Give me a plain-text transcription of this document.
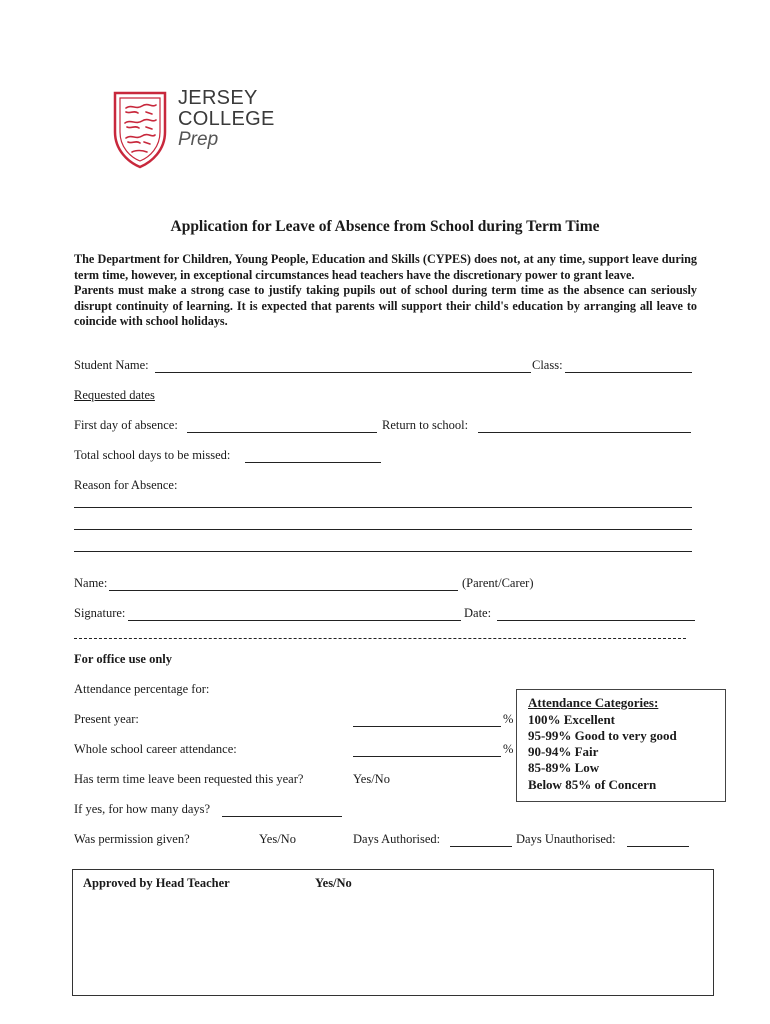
JERSEY
COLLEGE
Prep
Application for Leave of Absence from School during Term Time

The Department for Children, Young People, Education and Skills (CYPES) does not, at any time, support leave during term time, however, in exceptional circumstances head teachers have the discretionary power to grant leave.

Parents must make a strong case to justify taking pupils out of school during term time as the absence can seriously disrupt continuity of learning. It is expected that parents will support their child's education by arranging all leave to coincide with school holidays.

Student Name:	Class:
Requested dates
First day of absence:	Return to school:
Total school days to be missed:
Reason for Absence:
Name:	(Parent/Carer)
Signature:	Date:
For office use only
Attendance percentage for:
Present year:	%
Whole school career attendance:	%
Has term time leave been requested this year?	Yes/No
If yes, for how many days?
Was permission given?	Yes/No	Days Authorised:	Days Unauthorised:
Attendance Categories:
100% Excellent
95-99% Good to very good
90-94% Fair
85-89% Low
Below 85% of Concern
Approved by Head Teacher	Yes/No
